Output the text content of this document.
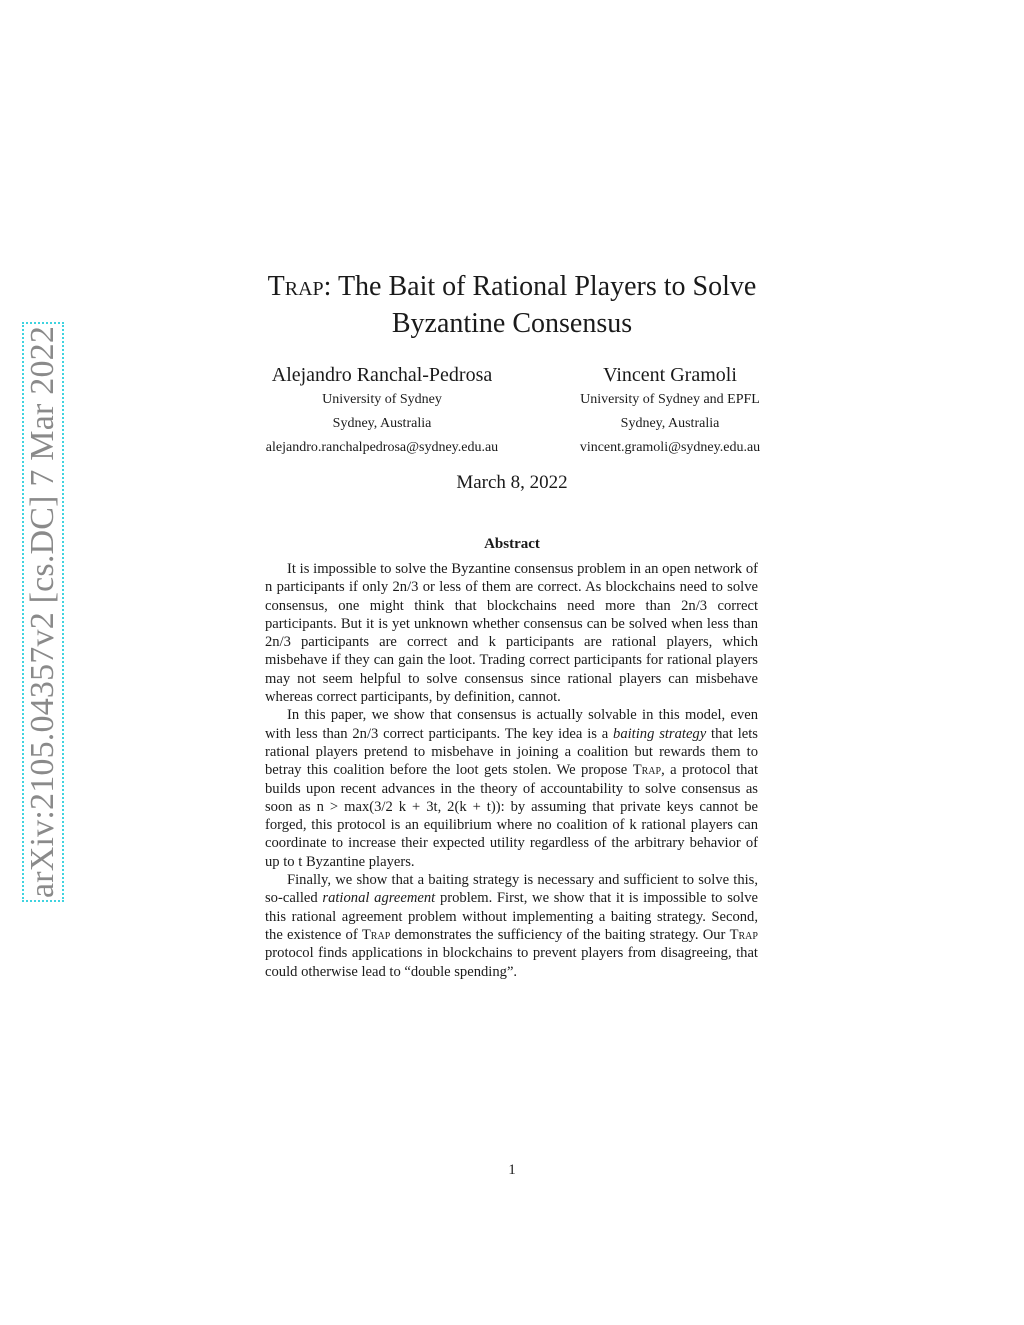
arXiv:2105.04357v2 [cs.DC] 7 Mar 2022
Trap: The Bait of Rational Players to Solve
Byzantine Consensus
Alejandro Ranchal-Pedrosa
University of Sydney
Sydney, Australia
alejandro.ranchalpedrosa@sydney.edu.au
Vincent Gramoli
University of Sydney and EPFL
Sydney, Australia
vincent.gramoli@sydney.edu.au
March 8, 2022
Abstract

It is impossible to solve the Byzantine consensus problem in an open network of n participants if only 2n/3 or less of them are correct. As blockchains need to solve consensus, one might think that blockchains need more than 2n/3 correct participants. But it is yet unknown whether consensus can be solved when less than 2n/3 participants are correct and k participants are rational players, which misbehave if they can gain the loot. Trading correct participants for rational players may not seem helpful to solve consensus since rational players can misbehave whereas correct participants, by definition, cannot.

In this paper, we show that consensus is actually solvable in this model, even with less than 2n/3 correct participants. The key idea is a baiting strategy that lets rational players pretend to misbehave in joining a coalition but rewards them to betray this coalition before the loot gets stolen. We propose Trap, a protocol that builds upon recent advances in the theory of accountability to solve consensus as soon as n > max(3/2 k + 3t, 2(k + t)): by assuming that private keys cannot be forged, this protocol is an equilibrium where no coalition of k rational players can coordinate to increase their expected utility regardless of the arbitrary behavior of up to t Byzantine players.

Finally, we show that a baiting strategy is necessary and sufficient to solve this, so-called rational agreement problem. First, we show that it is impossible to solve this rational agreement problem without implementing a baiting strategy. Second, the existence of Trap demonstrates the sufficiency of the baiting strategy. Our Trap protocol finds applications in blockchains to prevent players from disagreeing, that could otherwise lead to “double spending”.

1
